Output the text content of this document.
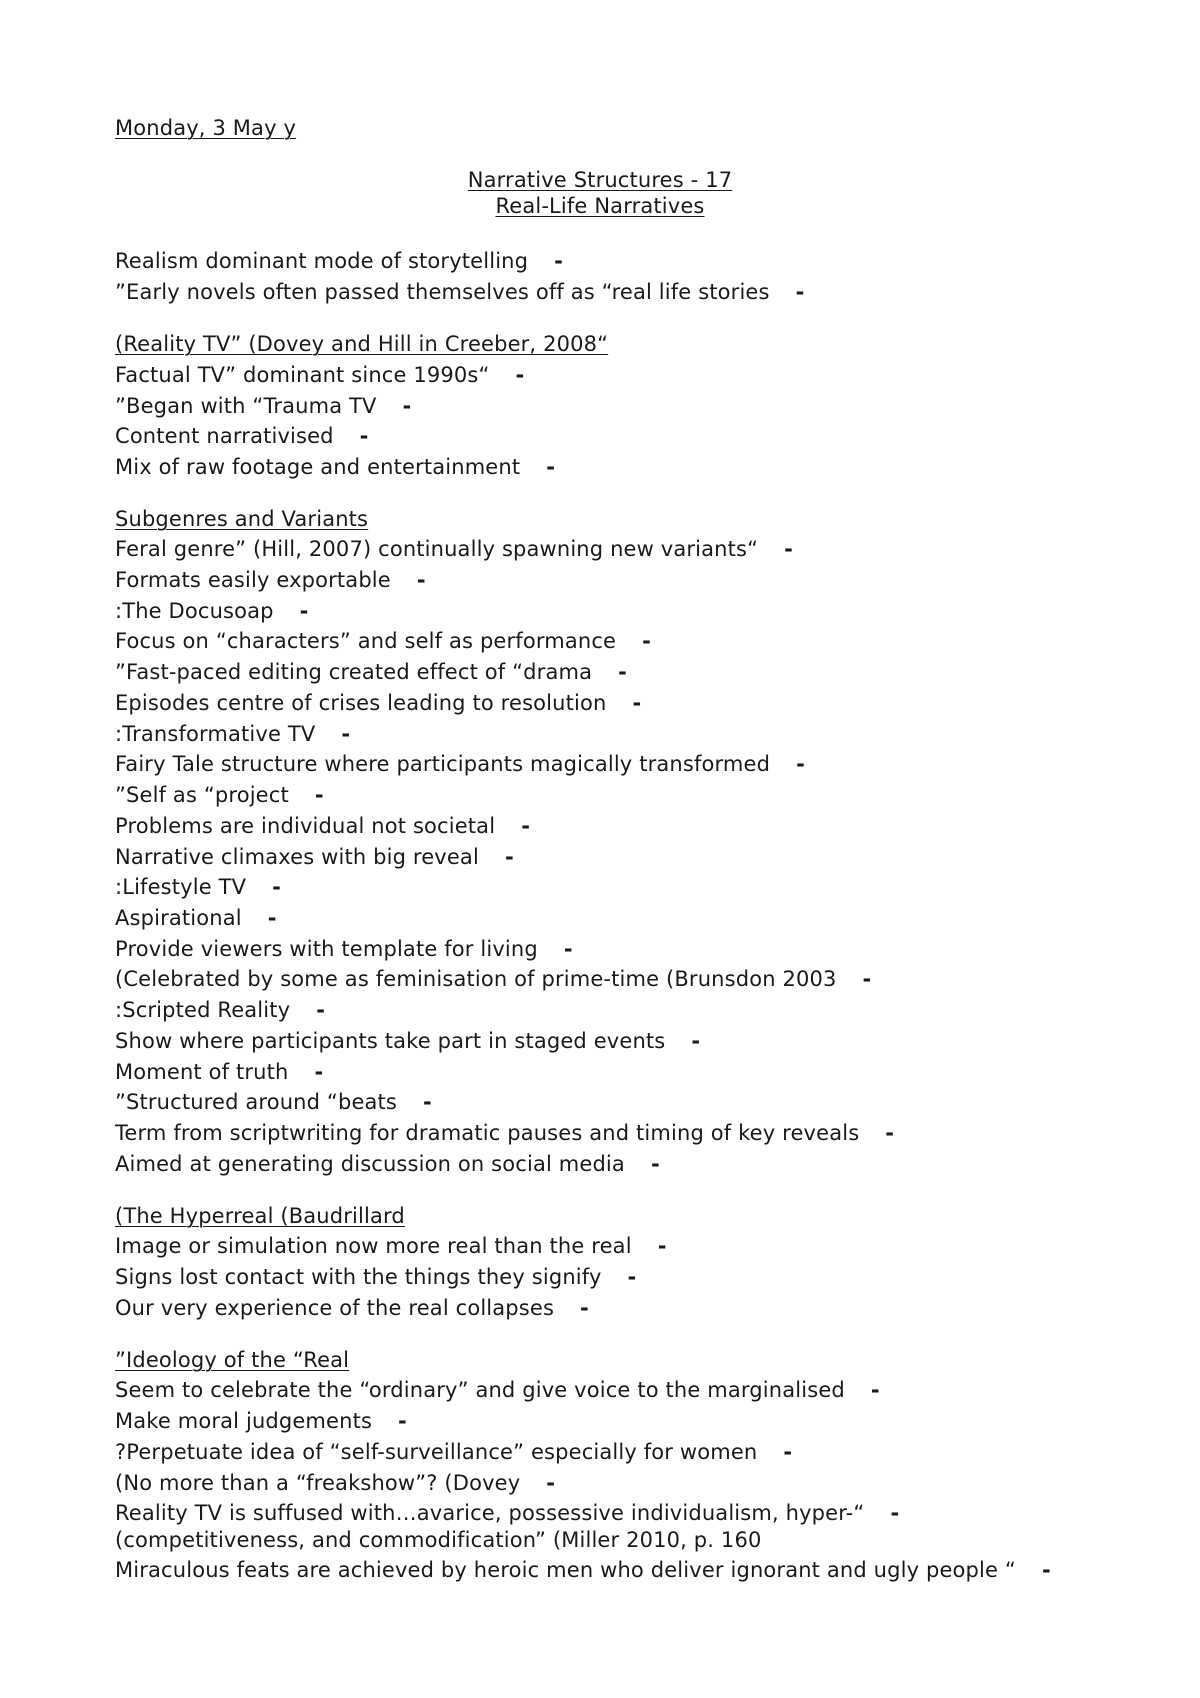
Monday, 3 May y

Narrative Structures - 17

Real-Life Narratives

Realism dominant mode of storytelling -

”Early novels often passed themselves off as “real life stories -

(Reality TV” (Dovey and Hill in Creeber, 2008“

Factual TV” dominant since 1990s“ -

”Began with “Trauma TV -

Content narrativised -

Mix of raw footage and entertainment -

Subgenres and Variants

Feral genre” (Hill, 2007) continually spawning new variants“ -

Formats easily exportable -

:The Docusoap -

Focus on “characters” and self as performance -

”Fast-paced editing created effect of “drama -

Episodes centre of crises leading to resolution -

:Transformative TV -

Fairy Tale structure where participants magically transformed -

”Self as “project -

Problems are individual not societal -

Narrative climaxes with big reveal -

:Lifestyle TV -

Aspirational -

Provide viewers with template for living -

(Celebrated by some as feminisation of prime-time (Brunsdon 2003 -

:Scripted Reality -

Show where participants take part in staged events -

Moment of truth -

”Structured around “beats -

Term from scriptwriting for dramatic pauses and timing of key reveals -

Aimed at generating discussion on social media -

(The Hyperreal (Baudrillard

Image or simulation now more real than the real -

Signs lost contact with the things they signify -

Our very experience of the real collapses -

”Ideology of the “Real

Seem to celebrate the “ordinary” and give voice to the marginalised -

Make moral judgements -

?Perpetuate idea of “self-surveillance” especially for women -

(No more than a “freakshow”? (Dovey -

Reality TV is suffused with…avarice, possessive individualism, hyper-“ -

(competitiveness, and commodification” (Miller 2010, p. 160

Miraculous feats are achieved by heroic men who deliver ignorant and ugly people “ -
